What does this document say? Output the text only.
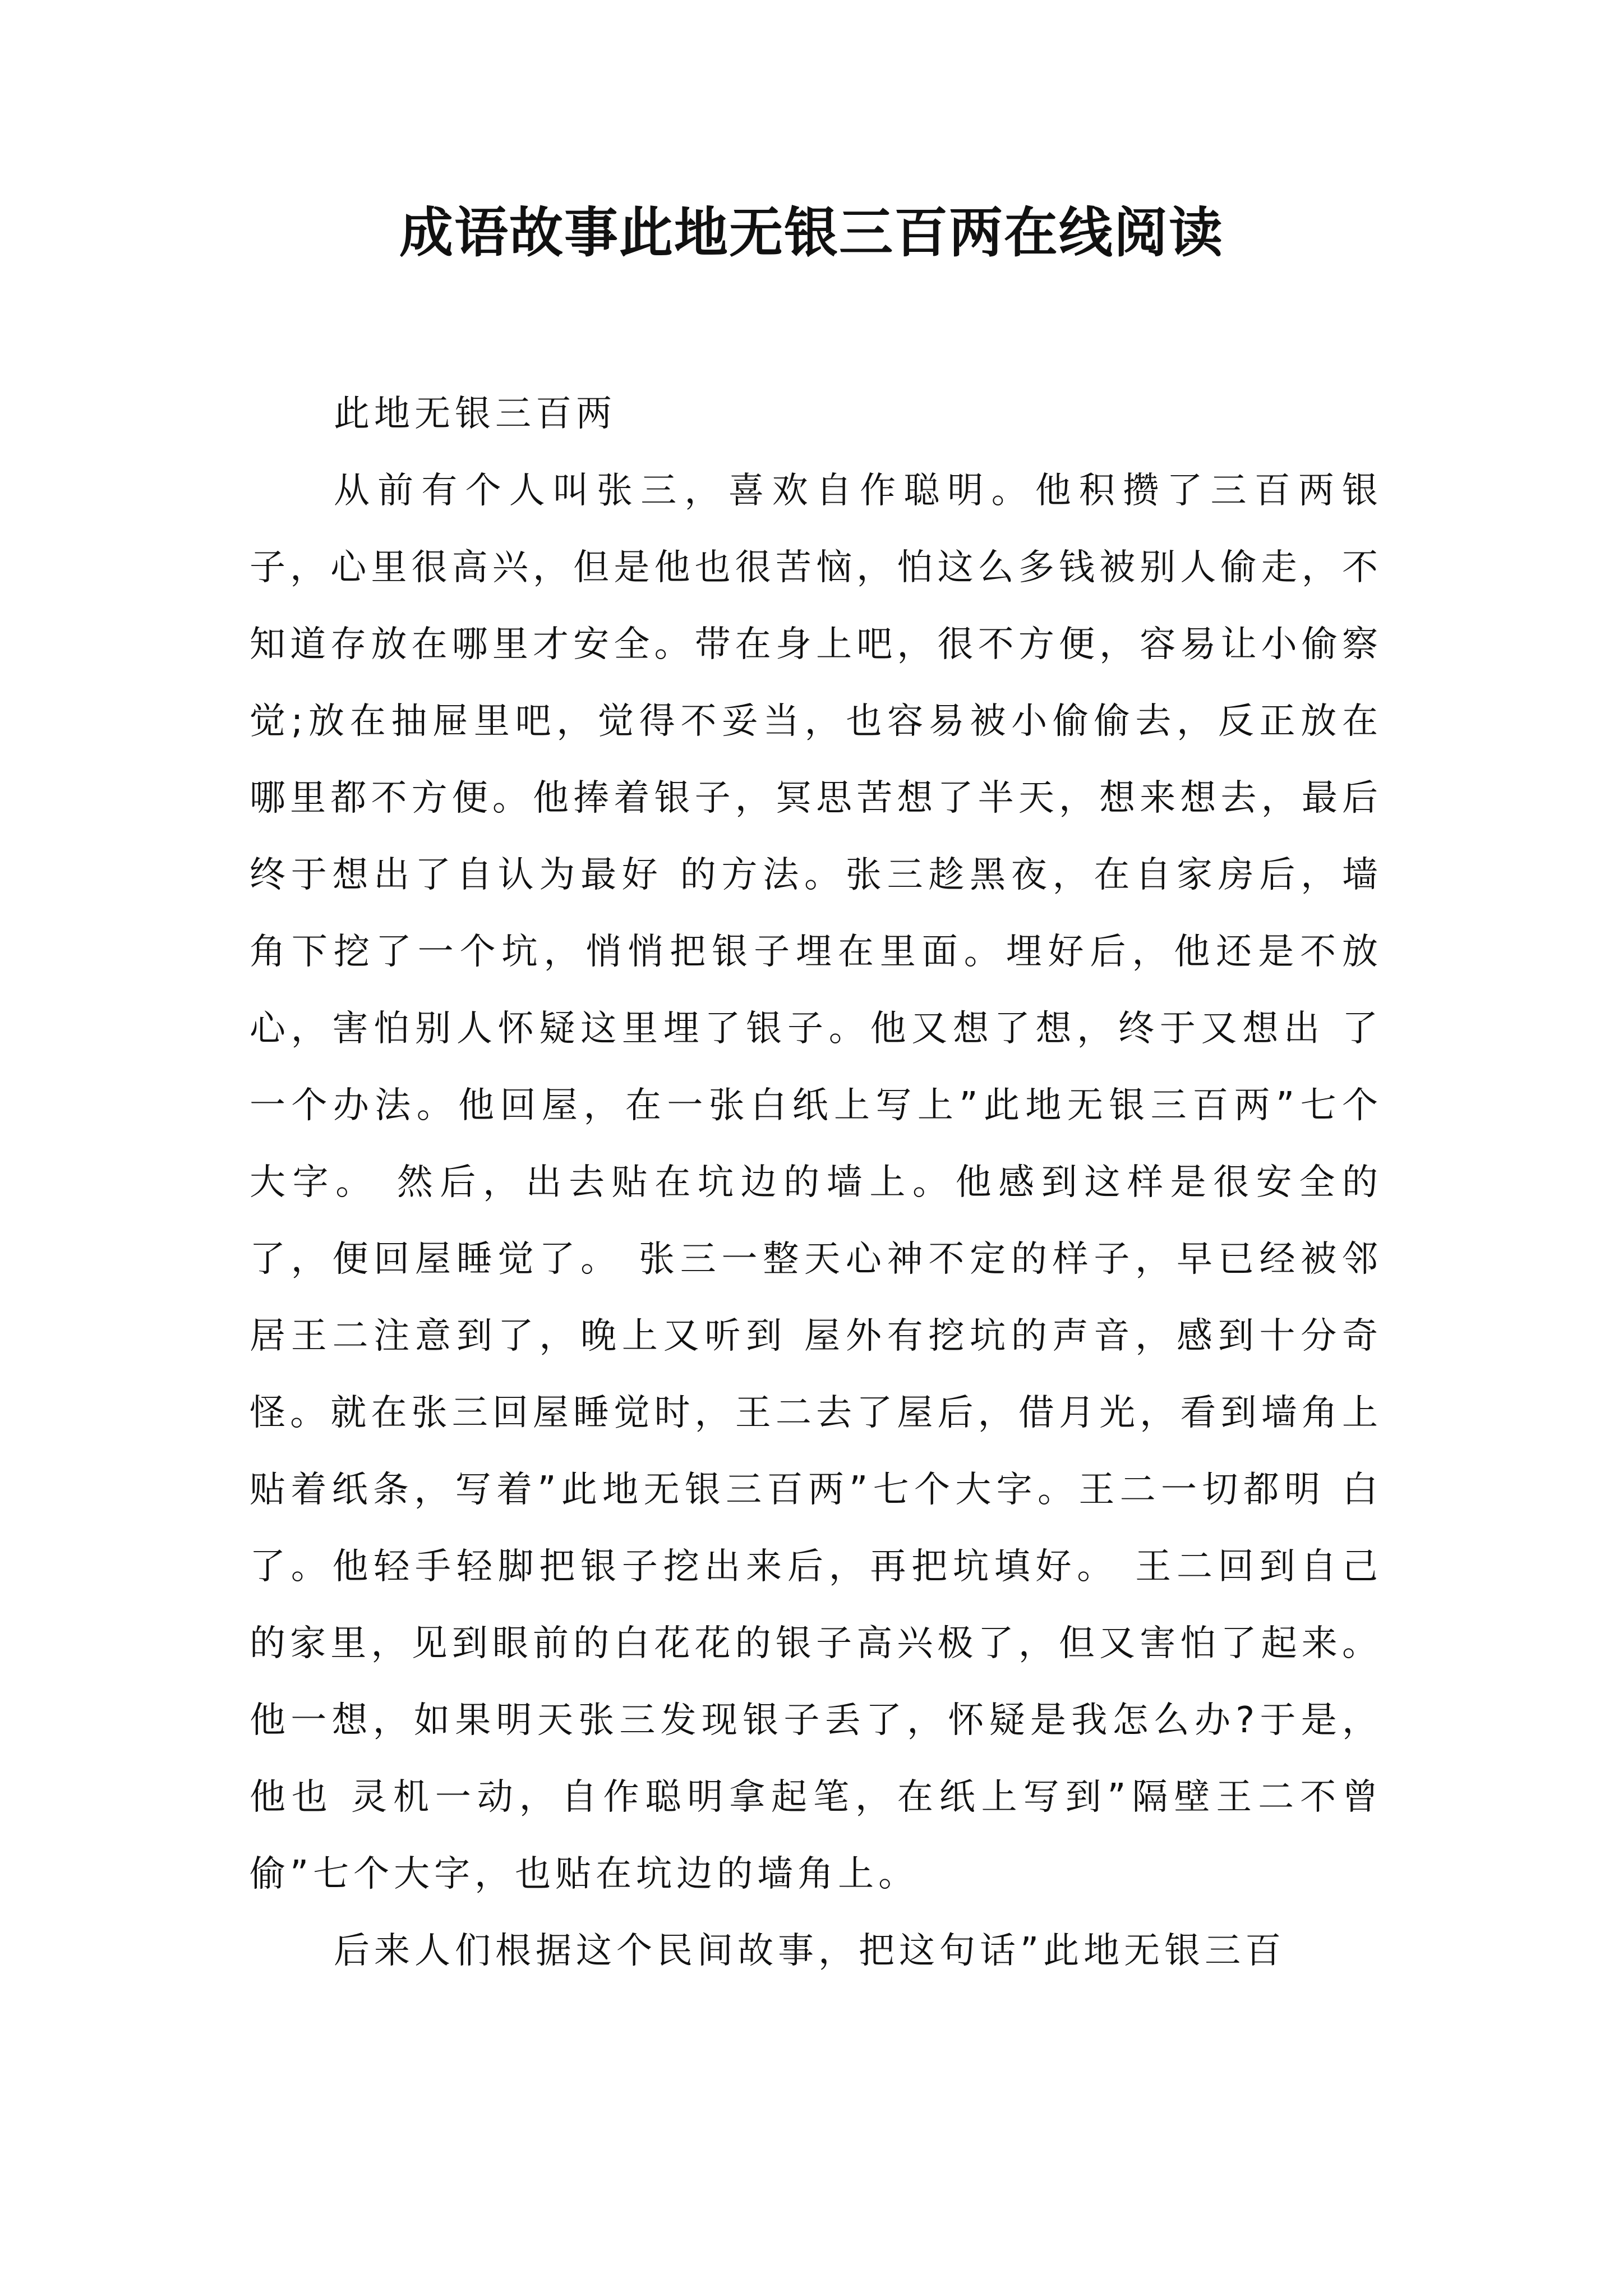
成语故事此地无银三百两在线阅读

此地无银三百两

从前有个人叫张三，喜欢自作聪明。他积攒了三百两银子，心里很高兴，但是他也很苦恼，怕这么多钱被别人偷走，不知道存放在哪里才安全。带在身上吧，很不方便，容易让小偷察觉;放在抽屉里吧，觉得不妥当，也容易被小偷偷去，反正放在哪里都不方便。他捧着银子，冥思苦想了半天，想来想去，最后终于想出了自认为最好 的方法。张三趁黑夜，在自家房后，墙角下挖了一个坑，悄悄把银子埋在里面。埋好后，他还是不放心，害怕别人怀疑这里埋了银子。他又想了想，终于又想出 了一个办法。他回屋，在一张白纸上写上”此地无银三百两”七个大字。 然后，出去贴在坑边的墙上。他感到这样是很安全的了，便回屋睡觉了。 张三一整天心神不定的样子，早已经被邻居王二注意到了，晚上又听到 屋外有挖坑的声音，感到十分奇怪。就在张三回屋睡觉时，王二去了屋后，借月光，看到墙角上贴着纸条，写着”此地无银三百两”七个大字。王二一切都明 白了。他轻手轻脚把银子挖出来后，再把坑填好。 王二回到自己的家里，见到眼前的白花花的银子高兴极了，但又害怕了起来。他一想，如果明天张三发现银子丢了，怀疑是我怎么办?于是，他也 灵机一动，自作聪明拿起笔，在纸上写到”隔壁王二不曾偷”七个大字，也贴在坑边的墙角上。

后来人们根据这个民间故事，把这句话”此地无银三百
